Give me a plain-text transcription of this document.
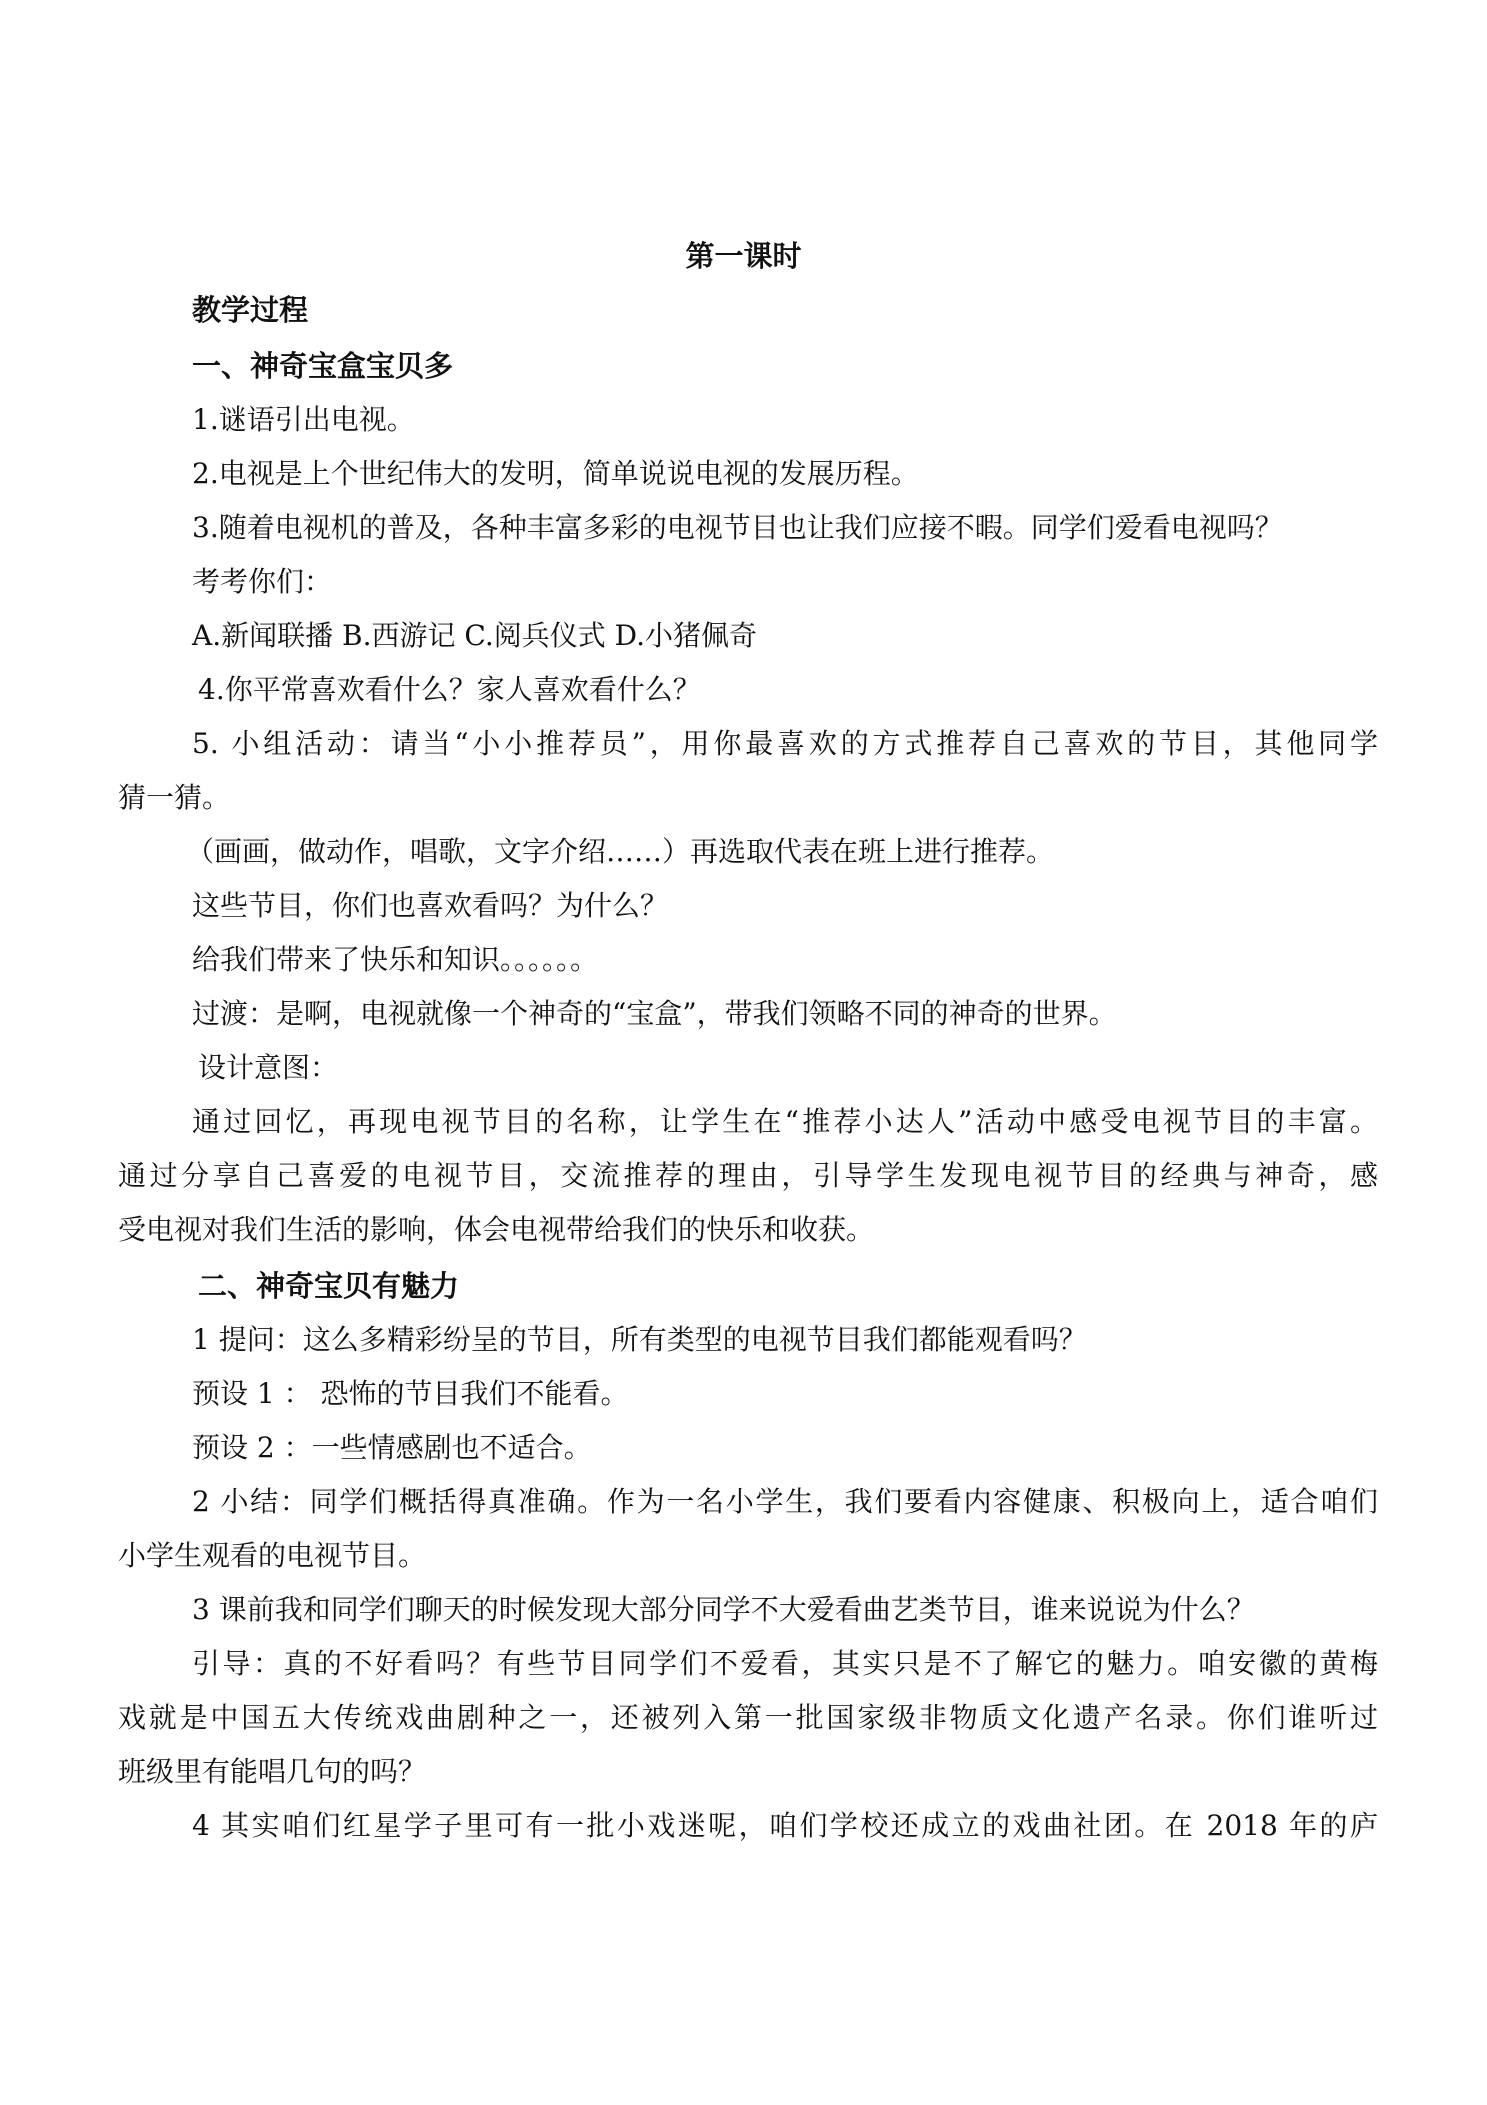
第一课时
教学过程
一、神奇宝盒宝贝多
1.谜语引出电视。
2.电视是上个世纪伟大的发明，简单说说电视的发展历程。
3.随着电视机的普及，各种丰富多彩的电视节目也让我们应接不暇。同学们爱看电视吗？
考考你们：
A.新闻联播 B.西游记 C.阅兵仪式 D.小猪佩奇
4.你平常喜欢看什么？家人喜欢看什么？
5. 小组活动：请当“小小推荐员”，用你最喜欢的方式推荐自己喜欢的节目，其他同学
猜一猜。
（画画，做动作，唱歌，文字介绍……）再选取代表在班上进行推荐。
这些节目，你们也喜欢看吗？为什么？
给我们带来了快乐和知识。。。。。。
过渡：是啊，电视就像一个神奇的“宝盒”，带我们领略不同的神奇的世界。
设计意图：
通过回忆，再现电视节目的名称，让学生在“推荐小达人”活动中感受电视节目的丰富。
通过分享自己喜爱的电视节目，交流推荐的理由，引导学生发现电视节目的经典与神奇，感
受电视对我们生活的影响，体会电视带给我们的快乐和收获。
二、神奇宝贝有魅力
1 提问：这么多精彩纷呈的节目，所有类型的电视节目我们都能观看吗？
预设 1 ： 恐怖的节目我们不能看。
预设 2 ：一些情感剧也不适合。
2 小结：同学们概括得真准确。作为一名小学生，我们要看内容健康、积极向上，适合咱们
小学生观看的电视节目。
3 课前我和同学们聊天的时候发现大部分同学不大爱看曲艺类节目，谁来说说为什么？
引导：真的不好看吗？有些节目同学们不爱看，其实只是不了解它的魅力。咱安徽的黄梅
戏就是中国五大传统戏曲剧种之一，还被列入第一批国家级非物质文化遗产名录。你们谁听过
班级里有能唱几句的吗？
4 其实咱们红星学子里可有一批小戏迷呢，咱们学校还成立的戏曲社团。在 2018 年的庐
